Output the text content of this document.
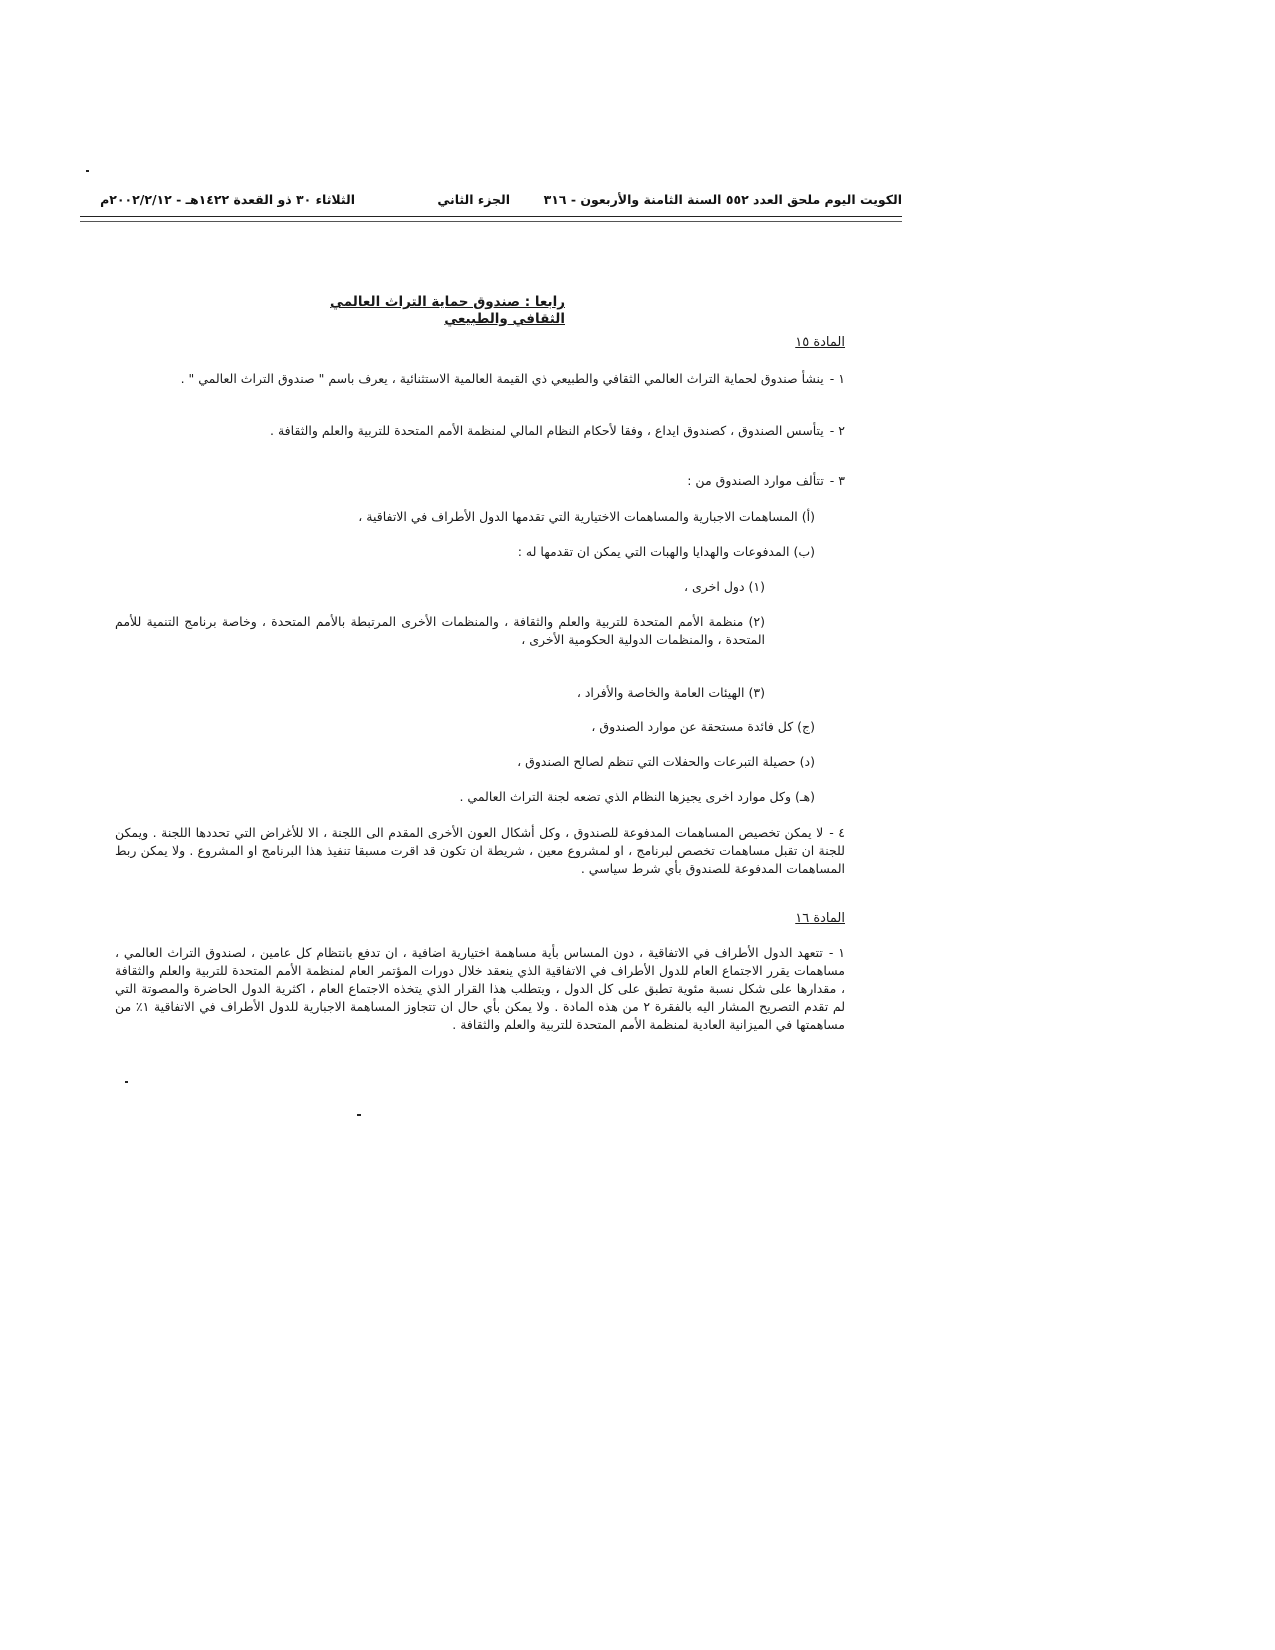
الكويت اليوم ملحق العدد ٥٥٢ السنة الثامنة والأربعون - ٣١٦
الجزء الثاني
الثلاثاء ٣٠ ذو القعدة ١٤٢٢هـ - ٢٠٠٢/٢/١٢م
رابعا : صندوق حماية التراث العالمي
الثقافي والطبيعي
المادة ١٥
١ -ينشأ صندوق لحماية التراث العالمي الثقافي والطبيعي ذي القيمة العالمية الاستثنائية ، يعرف باسم " صندوق التراث العالمي " .
٢ -يتأسس الصندوق ، كصندوق ايداع ، وفقا لأحكام النظام المالي لمنظمة الأمم المتحدة للتربية والعلم والثقافة .
٣ -تتألف موارد الصندوق من :
(أ) المساهمات الاجبارية والمساهمات الاختيارية التي تقدمها الدول الأطراف في الاتفاقية ،
(ب) المدفوعات والهدايا والهبات التي يمكن ان تقدمها له :
(١) دول اخرى ،
(٢) منظمة الأمم المتحدة للتربية والعلم والثقافة ، والمنظمات الأخرى المرتبطة بالأمم المتحدة ، وخاصة برنامج التنمية للأمم المتحدة ، والمنظمات الدولية الحكومية الأخرى ،
(٣) الهيئات العامة والخاصة والأفراد ،
(ج) كل فائدة مستحقة عن موارد الصندوق ،
(د) حصيلة التبرعات والحفلات التي تنظم لصالح الصندوق ،
(هـ) وكل موارد اخرى يجيزها النظام الذي تضعه لجنة التراث العالمي .
٤ -لا يمكن تخصيص المساهمات المدفوعة للصندوق ، وكل أشكال العون الأخرى المقدم الى اللجنة ، الا للأغراض التي تحددها اللجنة . ويمكن للجنة ان تقبل مساهمات تخصص لبرنامج ، او لمشروع معين ، شريطة ان تكون قد اقرت مسبقا تنفيذ هذا البرنامج او المشروع . ولا يمكن ربط المساهمات المدفوعة للصندوق بأي شرط سياسي .
المادة ١٦
١ -تتعهد الدول الأطراف في الاتفاقية ، دون المساس بأية مساهمة اختيارية اضافية ، ان تدفع بانتظام كل عامين ، لصندوق التراث العالمي ، مساهمات يقرر الاجتماع العام للدول الأطراف في الاتفاقية الذي ينعقد خلال دورات المؤتمر العام لمنظمة الأمم المتحدة للتربية والعلم والثقافة ، مقدارها على شكل نسبة مئوية تطبق على كل الدول ، ويتطلب هذا القرار الذي يتخذه الاجتماع العام ، اكثرية الدول الحاضرة والمصوتة التي لم تقدم التصريح المشار اليه بالفقرة ٢ من هذه المادة . ولا يمكن بأي حال ان تتجاوز المساهمة الاجبارية للدول الأطراف في الاتفاقية ١٪ من مساهمتها في الميزانية العادية لمنظمة الأمم المتحدة للتربية والعلم والثقافة .
